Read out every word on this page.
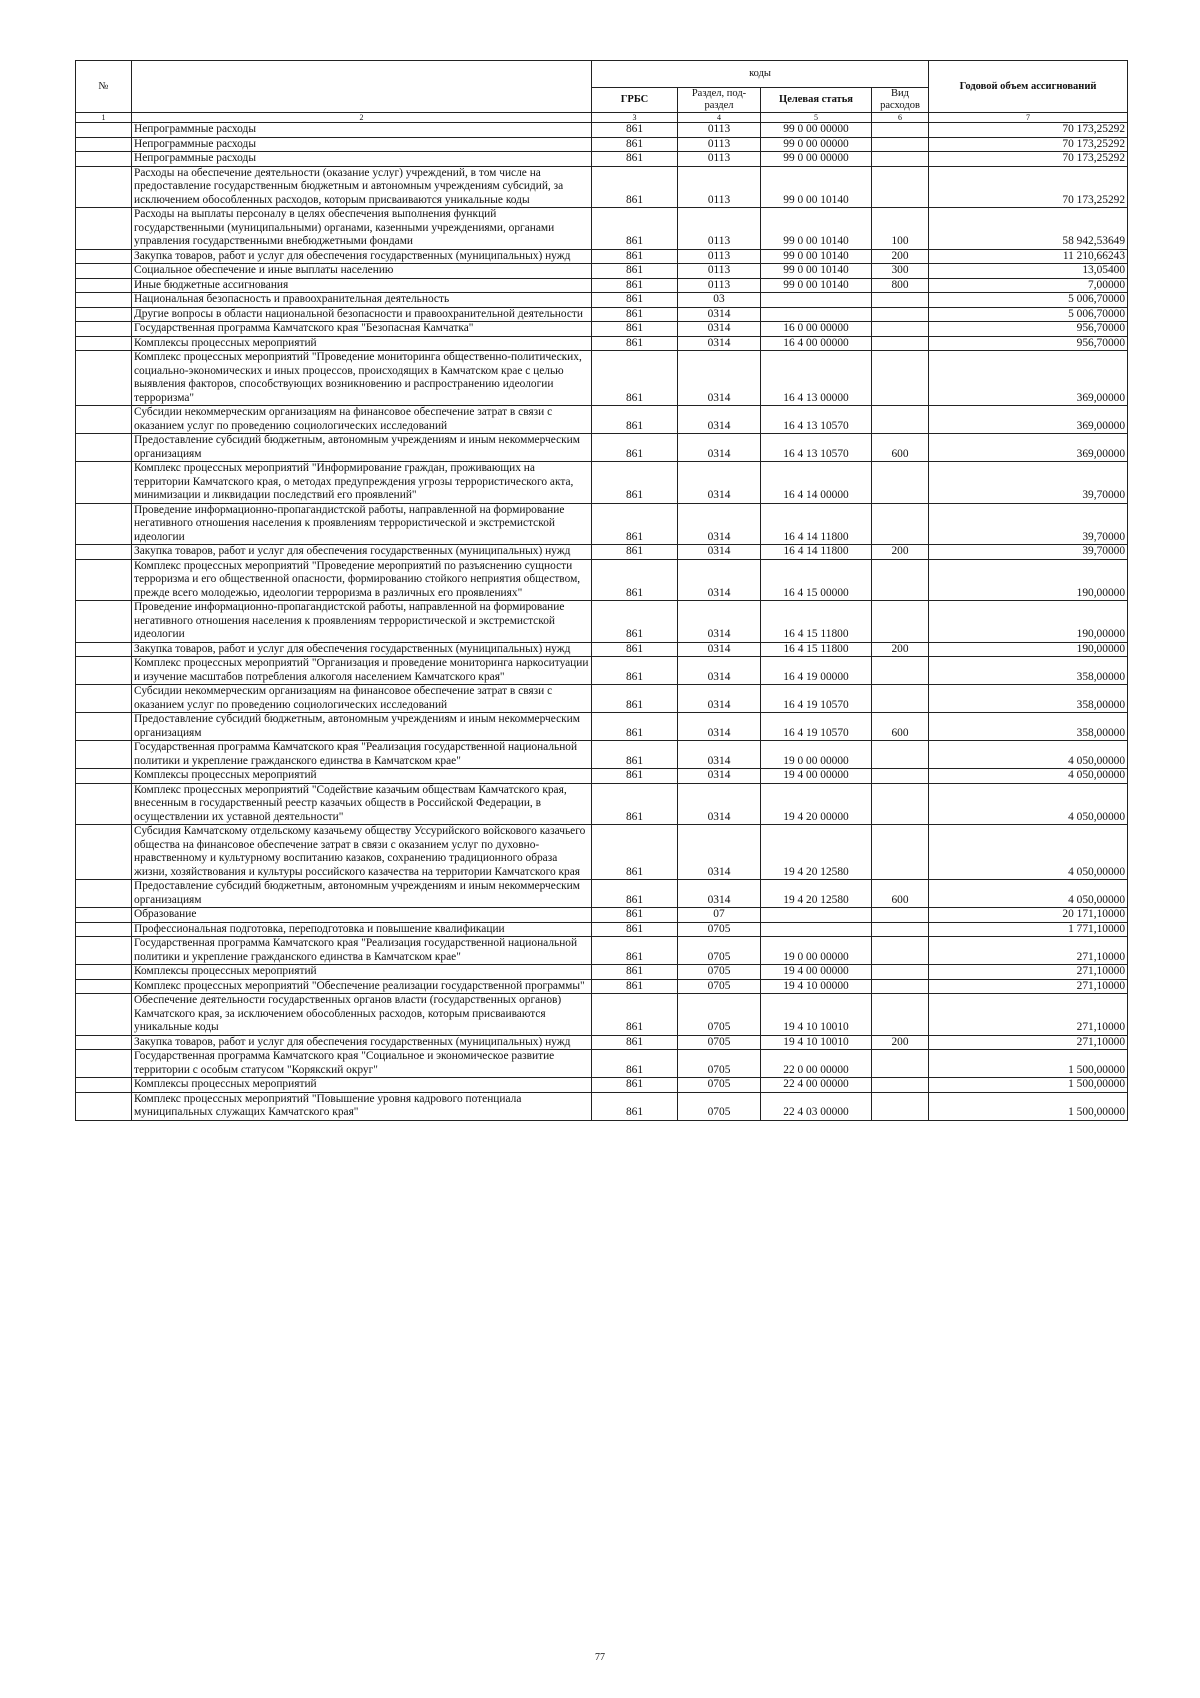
№		коды				Годовой объем ассигнований
		ГРБС	Раздел, под-раздел	Целевая статья	Вид расходов	
1	2	3	4	5	6	7
	Непрограммные расходы	861	0113	99 0 00 00000		70 173,25292
	Непрограммные расходы	861	0113	99 0 00 00000		70 173,25292
	Непрограммные расходы	861	0113	99 0 00 00000		70 173,25292
	Расходы на обеспечение деятельности (оказание услуг) учреждений, в том числе на предоставление государственным бюджетным и автономным учреждениям субсидий, за исключением обособленных расходов, которым присваиваются уникальные коды	861	0113	99 0 00 10140		70 173,25292
	Расходы на выплаты персоналу в целях обеспечения выполнения функций государственными (муниципальными) органами, казенными учреждениями, органами управления государственными внебюджетными фондами	861	0113	99 0 00 10140	100	58 942,53649
	Закупка товаров, работ и услуг для обеспечения государственных (муниципальных) нужд	861	0113	99 0 00 10140	200	11 210,66243
	Социальное обеспечение и иные выплаты населению	861	0113	99 0 00 10140	300	13,05400
	Иные бюджетные ассигнования	861	0113	99 0 00 10140	800	7,00000
	Национальная безопасность и правоохранительная деятельность	861	03			5 006,70000
	Другие вопросы в области национальной безопасности и правоохранительной деятельности	861	0314			5 006,70000
	Государственная программа Камчатского края "Безопасная Камчатка"	861	0314	16 0 00 00000		956,70000
	Комплексы процессных мероприятий	861	0314	16 4 00 00000		956,70000
	Комплекс процессных мероприятий "Проведение мониторинга общественно-политических, социально-экономических и иных процессов, происходящих в Камчатском крае с целью выявления факторов, способствующих возникновению и распространению идеологии терроризма"	861	0314	16 4 13 00000		369,00000
	Субсидии некоммерческим организациям на финансовое обеспечение затрат в связи с оказанием услуг по проведению социологических исследований	861	0314	16 4 13 10570		369,00000
	Предоставление субсидий бюджетным, автономным учреждениям и иным некоммерческим организациям	861	0314	16 4 13 10570	600	369,00000
	Комплекс процессных мероприятий "Информирование граждан, проживающих на территории Камчатского края, о методах предупреждения угрозы террористического акта, минимизации и ликвидации последствий его проявлений"	861	0314	16 4 14 00000		39,70000
	Проведение информационно-пропагандистской работы, направленной на формирование негативного отношения населения к проявлениям террористической и экстремистской идеологии	861	0314	16 4 14 11800		39,70000
	Закупка товаров, работ и услуг для обеспечения государственных (муниципальных) нужд	861	0314	16 4 14 11800	200	39,70000
	Комплекс процессных мероприятий "Проведение мероприятий по разъяснению сущности терроризма и его общественной опасности, формированию стойкого неприятия обществом, прежде всего молодежью, идеологии терроризма в различных его проявлениях"	861	0314	16 4 15 00000		190,00000
	Проведение информационно-пропагандистской работы, направленной на формирование негативного отношения населения к проявлениям террористической и экстремистской идеологии	861	0314	16 4 15 11800		190,00000
	Закупка товаров, работ и услуг для обеспечения государственных (муниципальных) нужд	861	0314	16 4 15 11800	200	190,00000
	Комплекс процессных мероприятий "Организация и проведение мониторинга наркоситуации и изучение масштабов потребления алкоголя населением Камчатского края"	861	0314	16 4 19 00000		358,00000
	Субсидии некоммерческим организациям на финансовое обеспечение затрат в связи с оказанием услуг по проведению социологических исследований	861	0314	16 4 19 10570		358,00000
	Предоставление субсидий бюджетным, автономным учреждениям и иным некоммерческим организациям	861	0314	16 4 19 10570	600	358,00000
	Государственная программа Камчатского края "Реализация государственной национальной политики и укрепление гражданского единства в Камчатском крае"	861	0314	19 0 00 00000		4 050,00000
	Комплексы процессных мероприятий	861	0314	19 4 00 00000		4 050,00000
	Комплекс процессных мероприятий "Содействие казачьим обществам Камчатского края, внесенным в государственный реестр казачьих обществ в Российской Федерации, в осуществлении их уставной деятельности"	861	0314	19 4 20 00000		4 050,00000
	Субсидия Камчатскому отдельскому казачьему обществу Уссурийского войскового казачьего общества на финансовое обеспечение затрат в связи с оказанием услуг по духовно-нравственному и культурному воспитанию казаков, сохранению традиционного образа жизни, хозяйствования и культуры российского казачества на территории Камчатского края	861	0314	19 4 20 12580		4 050,00000
	Предоставление субсидий бюджетным, автономным учреждениям и иным некоммерческим организациям	861	0314	19 4 20 12580	600	4 050,00000
	Образование	861	07			20 171,10000
	Профессиональная подготовка, переподготовка и повышение квалификации	861	0705			1 771,10000
	Государственная программа Камчатского края "Реализация государственной национальной политики и укрепление гражданского единства в Камчатском крае"	861	0705	19 0 00 00000		271,10000
	Комплексы процессных мероприятий	861	0705	19 4 00 00000		271,10000
	Комплекс процессных мероприятий "Обеспечение реализации государственной программы"	861	0705	19 4 10 00000		271,10000
	Обеспечение деятельности государственных органов власти (государственных органов) Камчатского края, за исключением обособленных расходов, которым присваиваются уникальные коды	861	0705	19 4 10 10010		271,10000
	Закупка товаров, работ и услуг для обеспечения государственных (муниципальных) нужд	861	0705	19 4 10 10010	200	271,10000
	Государственная программа Камчатского края "Социальное и экономическое развитие территории с особым статусом "Корякский округ"	861	0705	22 0 00 00000		1 500,00000
	Комплексы процессных мероприятий	861	0705	22 4 00 00000		1 500,00000
	Комплекс процессных мероприятий "Повышение уровня кадрового потенциала муниципальных служащих Камчатского края"	861	0705	22 4 03 00000		1 500,00000
77
